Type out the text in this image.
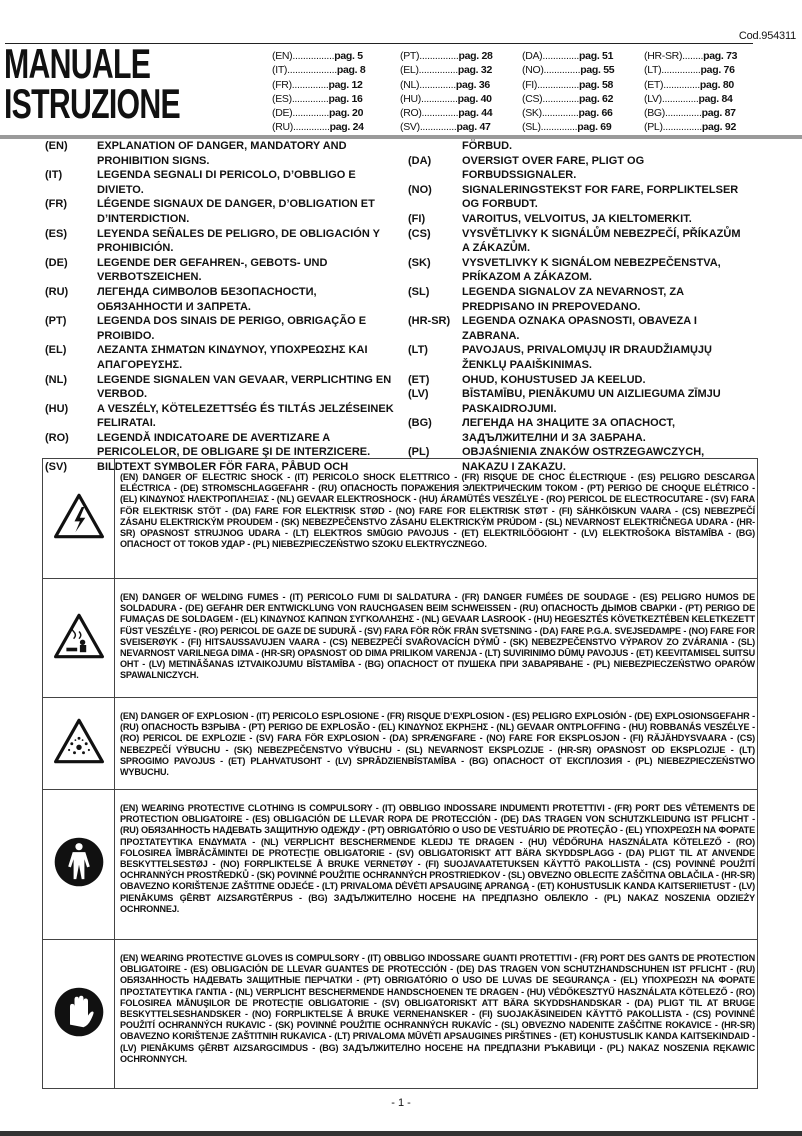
Cod.954311
MANUALE
ISTRUZIONE
(EN)................pag. 5
(IT)...................pag. 8
(FR)..............pag. 12
(ES)..............pag. 16
(DE)..............pag. 20
(RU)..............pag. 24
(PT)...............pag. 28
(EL)...............pag. 32
(NL)..............pag. 36
(HU)..............pag. 40
(RO)..............pag. 44
(SV)..............pag. 47
(DA)..............pag. 51
(NO)..............pag. 55
(FI)................pag. 58
(CS)..............pag. 62
(SK)..............pag. 66
(SL)..............pag. 69
(HR-SR)........pag. 73
(LT)...............pag. 76
(ET)..............pag. 80
(LV)..............pag. 84
(BG)..............pag. 87
(PL)...............pag. 92
(EN)	EXPLANATION OF DANGER, MANDATORY AND PROHIBITION SIGNS.
(IT)	LEGENDA SEGNALI DI PERICOLO, D’OBBLIGO E DIVIETO.
(FR)	LÉGENDE SIGNAUX DE DANGER, D’OBLIGATION ET D’INTERDICTION.
(ES)	LEYENDA SEÑALES DE PELIGRO, DE OBLIGACIÓN Y PROHIBICIÓN.
(DE)	LEGENDE DER GEFAHREN-, GEBOTS- UND VERBOTSZEICHEN.
(RU)	ЛЕГЕНДА СИМВОЛОВ БЕЗОПАСНОСТИ, ОБЯЗАННОСТИ И ЗАПРЕТА.
(PT)	LEGENDA DOS SINAIS DE PERIGO, OBRIGAÇÃO E PROIBIDO.
(EL)	ΛΕΖΑΝΤΑ ΣΗΜΑΤΩΝ ΚΙΝΔΥΝΟΥ, ΥΠΟΧΡΕΩΣΗΣ ΚΑΙ ΑΠΑΓΟΡΕΥΣΗΣ.
(NL)	LEGENDE SIGNALEN VAN GEVAAR, VERPLICHTING EN VERBOD.
(HU)	A VESZÉLY, KÖTELEZETTSÉG ÉS TILTÁS JELZÉSEINEK FELIRATAI.
(RO)	LEGENDĂ INDICATOARE DE AVERTIZARE A PERICOLELOR, DE OBLIGARE ŞI DE INTERZICERE.
(SV)	BILDTEXT SYMBOLER FÖR FARA, PÅBUD OCH
FÖRBUD.
(DA)	OVERSIGT OVER FARE, PLIGT OG FORBUDSSIGNALER.
(NO)	SIGNALERINGSTEKST FOR FARE, FORPLIKTELSER OG FORBUDT.
(FI)	VAROITUS, VELVOITUS, JA KIELTOMERKIT.
(CS)	VYSVĚTLIVKY K SIGNÁLŮM NEBEZPEČÍ, PŘÍKAZŮM A ZÁKAZŮM.
(SK)	VYSVETLIVKY K SIGNÁLOM NEBEZPEČENSTVA, PRÍKAZOM A ZÁKAZOM.
(SL)	LEGENDA SIGNALOV ZA NEVARNOST, ZA PREDPISANO IN PREPOVEDANO.
(HR-SR)	LEGENDA OZNAKA OPASNOSTI, OBAVEZA I ZABRANA.
(LT)	PAVOJAUS, PRIVALOMŲJŲ IR DRAUDŽIAMŲJŲ ŽENKLŲ PAAIŠKINIMAS.
(ET)	OHUD, KOHUSTUSED JA KEELUD.
(LV)	BĪSTAMĪBU, PIENĀKUMU UN AIZLIEGUMA ZĪMJU PASKAIDROJUMI.
(BG)	ЛЕГЕНДА НА ЗНАЦИТЕ ЗА ОПАСНОСТ, ЗАДЪЛЖИТЕЛНИ И ЗА ЗАБРАНА.
(PL)	OBJAŚNIENIA ZNAKÓW OSTRZEGAWCZYCH, NAKAZU I ZAKAZU.
	(EN) DANGER OF ELECTRIC SHOCK - (IT) PERICOLO SHOCK ELETTRICO - (FR) RISQUE DE CHOC ÉLECTRIQUE - (ES) PELIGRO DESCARGA ELÉCTRICA - (DE) STROMSCHLAGGEFAHR - (RU) ОПАСНОСТЬ ПОРАЖЕНИЯ ЭЛЕКТРИЧЕСКИМ ТОКОМ - (PT) PERIGO DE CHOQUE ELÉTRICO - (EL) ΚΙΝΔΥΝΟΣ ΗΛΕΚΤΡΟΠΛΗΞΙΑΣ - (NL) GEVAAR ELEKTROSHOCK - (HU) ÁRAMÜTÉS VESZÉLYE - (RO) PERICOL DE ELECTROCUTARE - (SV) FARA FÖR ELEKTRISK STÖT - (DA) FARE FOR ELEKTRISK STØD - (NO) FARE FOR ELEKTRISK STØT - (FI) SÄHKÖISKUN VAARA - (CS) NEBEZPEČÍ ZÁSAHU ELEKTRICKÝM PROUDEM - (SK) NEBEZPEČENSTVO ZÁSAHU ELEKTRICKÝM PRÚDOM - (SL) NEVARNOST ELEKTRIČNEGA UDARA - (HR-SR) OPASNOST STRUJNOG UDARA - (LT) ELEKTROS SMŪGIO PAVOJUS - (ET) ELEKTRILÖÖGIOHT - (LV) ELEKTROŠOKA BĪSTAMĪBA - (BG) ОПАСНОСТ ОТ ТОКОВ УДАР - (PL) NIEBEZPIECZEŃSTWO SZOKU ELEKTRYCZNEGO.
	(EN) DANGER OF WELDING FUMES - (IT) PERICOLO FUMI DI SALDATURA - (FR) DANGER FUMÉES DE SOUDAGE - (ES) PELIGRO HUMOS DE SOLDADURA - (DE) GEFAHR DER ENTWICKLUNG VON RAUCHGASEN BEIM SCHWEISSEN - (RU) ОПАСНОСТЬ ДЫМОВ СВАРКИ - (PT) PERIGO DE FUMAÇAS DE SOLDAGEM - (EL) ΚΙΝΔΥΝΟΣ ΚΑΠΝΩΝ ΣΥΓΚΟΛΛΗΣΗΣ - (NL) GEVAAR LASROOK - (HU) HEGESZTÉS KÖVETKEZTÉBEN KELETKEZETT FÜST VESZÉLYE - (RO) PERICOL DE GAZE DE SUDURĂ - (SV) FARA FÖR RÖK FRÅN SVETSNING - (DA) FARE P.G.A. SVEJSEDAMPE - (NO) FARE FOR SVEISERØYK - (FI) HITSAUSSAVUJEN VAARA - (CS) NEBEZPEČÍ SVAŘOVACÍCH DÝMŮ - (SK) NEBEZPEČENSTVO VÝPAROV ZO ZVÁRANIA - (SL) NEVARNOST VARILNEGA DIMA - (HR-SR) OPASNOST OD DIMA PRILIKOM VARENJA - (LT) SUVIRINIMO DŪMŲ PAVOJUS - (ET) KEEVITAMISEL SUITSU OHT - (LV) METINĀŠANAS IZTVAIKOJUMU BĪSTAMĪBA - (BG) ОПАСНОСТ ОТ ПУШЕКА ПРИ ЗАВАРЯВАНЕ - (PL) NIEBEZPIECZEŃSTWO OPARÓW SPAWALNICZYCH.
	(EN) DANGER OF EXPLOSION - (IT) PERICOLO ESPLOSIONE - (FR) RISQUE D’EXPLOSION - (ES) PELIGRO EXPLOSIÓN - (DE) EXPLOSIONSGEFAHR - (RU) ОПАСНОСТЬ ВЗРЫВА - (PT) PERIGO DE EXPLOSÃO - (EL) ΚΙΝΔΥΝΟΣ ΕΚΡΗΞΗΣ - (NL) GEVAAR ONTPLOFFING - (HU) ROBBANÁS VESZÉLYE - (RO) PERICOL DE EXPLOZIE - (SV) FARA FÖR EXPLOSION - (DA) SPRÆNGFARE - (NO) FARE FOR EKSPLOSJON - (FI) RÄJÄHDYSVAARA - (CS) NEBEZPEČÍ VÝBUCHU - (SK) NEBEZPEČENSTVO VÝBUCHU - (SL) NEVARNOST EKSPLOZIJE - (HR-SR) OPASNOST OD EKSPLOZIJE - (LT) SPROGIMO PAVOJUS - (ET) PLAHVATUSOHT - (LV) SPRĀDZIENBĪSTAMĪBA - (BG) ОПАСНОСТ ОТ ЕКСПЛОЗИЯ - (PL) NIEBEZPIECZEŃSTWO WYBUCHU.
	(EN) WEARING PROTECTIVE CLOTHING IS COMPULSORY - (IT) OBBLIGO INDOSSARE INDUMENTI PROTETTIVI - (FR) PORT DES VÊTEMENTS DE PROTECTION OBLIGATOIRE - (ES) OBLIGACIÓN DE LLEVAR ROPA DE PROTECCIÓN - (DE) DAS TRAGEN VON SCHUTZKLEIDUNG IST PFLICHT - (RU) ОБЯЗАННОСТЬ НАДЕВАТЬ ЗАЩИТНУЮ ОДЕЖДУ - (PT) OBRIGATÓRIO O USO DE VESTUÁRIO DE PROTEÇÃO - (EL) ΥΠΟΧΡΕΩΣΗ ΝΑ ΦΟΡΑΤΕ ΠΡΟΣΤΑΤΕΥΤΙΚΑ ΕΝΔΥΜΑΤΑ - (NL) VERPLICHT BESCHERMENDE KLEDIJ TE DRAGEN - (HU) VÉDŐRUHA HASZNÁLATA KÖTELEZŐ - (RO) FOLOSIREA ÎMBRĂCĂMINTEI DE PROTECŢIE OBLIGATORIE - (SV) OBLIGATORISKT ATT BÄRA SKYDDSPLAGG - (DA) PLIGT TIL AT ANVENDE BESKYTTELSESTØJ - (NO) FORPLIKTELSE Å BRUKE VERNETØY - (FI) SUOJAVAATETUKSEN KÄYTTÖ PAKOLLISTA - (CS) POVINNÉ POUŽITÍ OCHRANNÝCH PROSTŘEDKŮ - (SK) POVINNÉ POUŽITIE OCHRANNÝCH PROSTRIEDKOV - (SL) OBVEZNO OBLECITE ZAŠČITNA OBLAČILA - (HR-SR) OBAVEZNO KORIŠTENJE ZAŠTITNE ODJEĆE - (LT) PRIVALOMA DĖVĖTI APSAUGINĘ APRANGĄ - (ET) KOHUSTUSLIK KANDA KAITSERIIETUST - (LV) PIENĀKUMS ĢĒRBT AIZSARGTĒRPUS - (BG) ЗАДЪЛЖИТЕЛНО НОСЕНЕ НА ПРЕДПАЗНО ОБЛЕКЛО - (PL) NAKAZ NOSZENIA ODZIEŻY OCHRONNEJ.
	(EN) WEARING PROTECTIVE GLOVES IS COMPULSORY - (IT) OBBLIGO INDOSSARE GUANTI PROTETTIVI - (FR) PORT DES GANTS DE PROTECTION OBLIGATOIRE - (ES) OBLIGACIÓN DE LLEVAR GUANTES DE PROTECCIÓN - (DE) DAS TRAGEN VON SCHUTZHANDSCHUHEN IST PFLICHT - (RU) ОБЯЗАННОСТЬ НАДЕВАТЬ ЗАЩИТНЫЕ ПЕРЧАТКИ - (PT) OBRIGATÓRIO O USO DE LUVAS DE SEGURANÇA - (EL) ΥΠΟΧΡΕΩΣΗ ΝΑ ΦΟΡΑΤΕ ΠΡΟΣΤΑΤΕΥΤΙΚΑ ΓΑΝΤΙΑ - (NL) VERPLICHT BESCHERMENDE HANDSCHOENEN TE DRAGEN - (HU) VÉDŐKESZTYŰ HASZNÁLATA KÖTELEZŐ - (RO) FOLOSIREA MĂNUŞILOR DE PROTECŢIE OBLIGATORIE - (SV) OBLIGATORISKT ATT BÄRA SKYDDSHANDSKAR - (DA) PLIGT TIL AT BRUGE BESKYTTELSESHANDSKER - (NO) FORPLIKTELSE Å BRUKE VERNEHANSKER - (FI) SUOJAKÄSINEIDEN KÄYTTÖ PAKOLLISTA - (CS) POVINNÉ POUŽITÍ OCHRANNÝCH RUKAVIC - (SK) POVINNÉ POUŽITIE OCHRANNÝCH RUKAVÍC - (SL) OBVEZNO NADENITE ZAŠČITNE ROKAVICE - (HR-SR) OBAVEZNO KORIŠTENJE ZAŠTITNIH RUKAVICA - (LT) PRIVALOMA MŪVĖTI APSAUGINES PIRŠTINES - (ET) KOHUSTUSLIK KANDA KAITSEKINDAID - (LV) PIENĀKUMS ĢĒRBT AIZSARGCIMDUS - (BG) ЗАДЪЛЖИТЕЛНО НОСЕНЕ НА ПРЕДПАЗНИ РЪКАВИЦИ - (PL) NAKAZ NOSZENIA RĘKAWIC OCHRONNYCH.
- 1 -
